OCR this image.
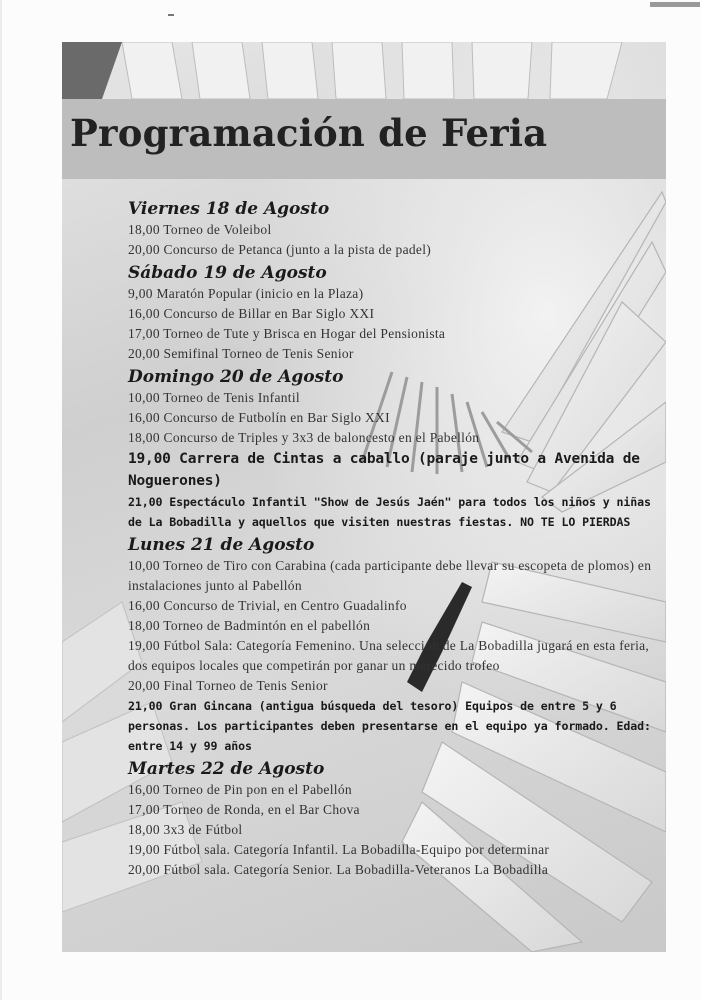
Programación de Feria
Viernes 18 de Agosto
18,00 Torneo de Voleibol
20,00 Concurso de Petanca (junto a la pista de padel)
Sábado 19 de Agosto
9,00 Maratón Popular (inicio en la Plaza)
16,00 Concurso de Billar en Bar Siglo XXI
17,00 Torneo de Tute y Brisca en Hogar del Pensionista
20,00 Semifinal Torneo de Tenis Senior
Domingo 20 de Agosto
10,00 Torneo de Tenis Infantil
16,00 Concurso de Futbolín en Bar Siglo XXI
18,00 Concurso de Triples y 3x3 de baloncesto en el Pabellón
19,00 Carrera de Cintas a caballo (paraje junto a Avenida de Noguerones)
21,00 Espectáculo Infantil "Show de Jesús Jaén" para todos los niños y niñas de La Bobadilla y aquellos que visiten nuestras fiestas. NO TE LO PIERDAS
Lunes 21 de Agosto
10,00 Torneo de Tiro con Carabina (cada participante debe llevar su escopeta de plomos) en instalaciones junto al Pabellón
16,00 Concurso de Trivial, en Centro Guadalinfo
18,00 Torneo de Badmintón en el pabellón
19,00 Fútbol Sala: Categoría Femenino. Una selección de La Bobadilla jugará en esta feria, dos equipos locales que competirán por ganar un merecido trofeo
20,00 Final Torneo de Tenis Senior
21,00 Gran Gincana (antigua búsqueda del tesoro) Equipos de entre 5 y 6 personas. Los participantes deben presentarse en el equipo ya formado. Edad: entre 14 y 99 años
Martes 22 de Agosto
16,00 Torneo de Pin pon en el Pabellón
17,00 Torneo de Ronda, en el Bar Chova
18,00 3x3 de Fútbol
19,00 Fútbol sala. Categoría Infantil. La Bobadilla-Equipo por determinar
20,00 Fútbol sala. Categoría Senior. La Bobadilla-Veteranos La Bobadilla
